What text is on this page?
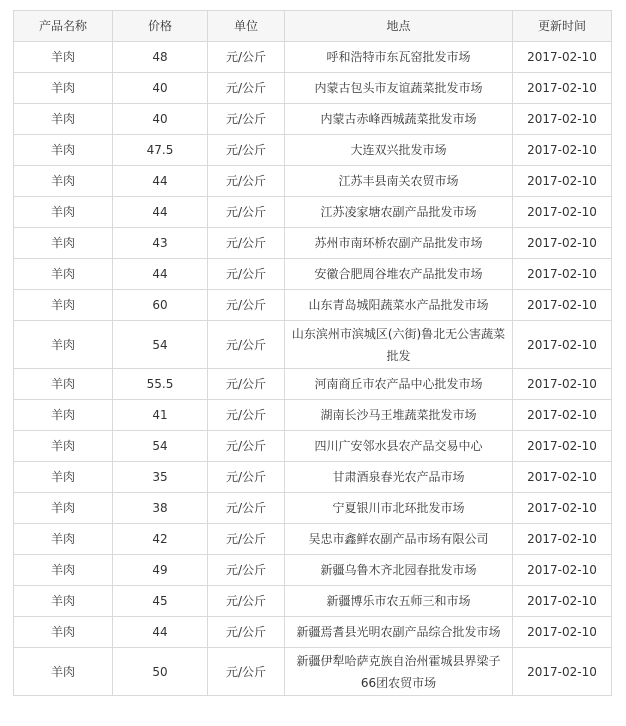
产品名称	价格	单位	地点	更新时间
羊肉	48	元/公斤	呼和浩特市东瓦窑批发市场	2017-02-10
羊肉	40	元/公斤	内蒙古包头市友谊蔬菜批发市场	2017-02-10
羊肉	40	元/公斤	内蒙古赤峰西城蔬菜批发市场	2017-02-10
羊肉	47.5	元/公斤	大连双兴批发市场	2017-02-10
羊肉	44	元/公斤	江苏丰县南关农贸市场	2017-02-10
羊肉	44	元/公斤	江苏凌家塘农副产品批发市场	2017-02-10
羊肉	43	元/公斤	苏州市南环桥农副产品批发市场	2017-02-10
羊肉	44	元/公斤	安徽合肥周谷堆农产品批发市场	2017-02-10
羊肉	60	元/公斤	山东青岛城阳蔬菜水产品批发市场	2017-02-10
羊肉	54	元/公斤	山东滨州市滨城区(六街)鲁北无公害蔬菜批发	2017-02-10
羊肉	55.5	元/公斤	河南商丘市农产品中心批发市场	2017-02-10
羊肉	41	元/公斤	湖南长沙马王堆蔬菜批发市场	2017-02-10
羊肉	54	元/公斤	四川广安邻水县农产品交易中心	2017-02-10
羊肉	35	元/公斤	甘肃酒泉春光农产品市场	2017-02-10
羊肉	38	元/公斤	宁夏银川市北环批发市场	2017-02-10
羊肉	42	元/公斤	吴忠市鑫鲜农副产品市场有限公司	2017-02-10
羊肉	49	元/公斤	新疆乌鲁木齐北园春批发市场	2017-02-10
羊肉	45	元/公斤	新疆博乐市农五师三和市场	2017-02-10
羊肉	44	元/公斤	新疆焉耆县光明农副产品综合批发市场	2017-02-10
羊肉	50	元/公斤	新疆伊犁哈萨克族自治州霍城县界梁子66团农贸市场	2017-02-10
